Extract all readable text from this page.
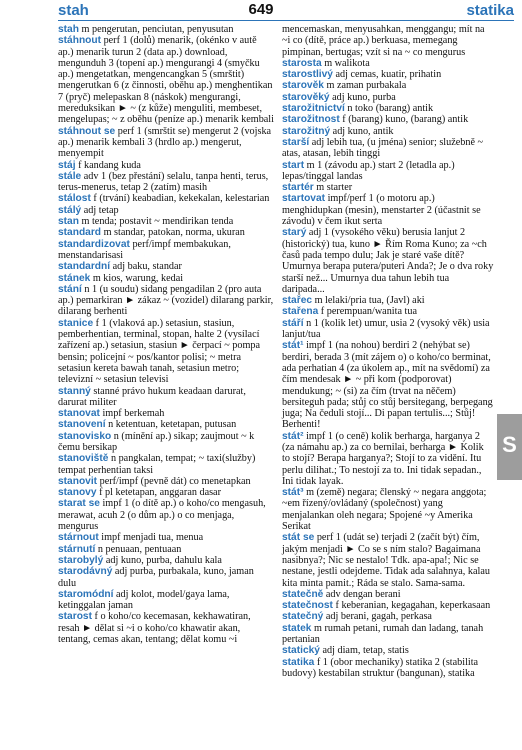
stah	649	statika

stah m pengerutan, penciutan, penyusutan

stáhnout perf 1 (dolů) menarik, (okénko v autě ap.) menarik turun 2 (data ap.) download, mengunduh 3 (topení ap.) mengurangi 4 (smyčku ap.) mengetatkan, mengencangkan 5 (smrštit) mengerutkan 6 (z činnosti, oběhu ap.) menghentikan 7 (pryč) melepaskan 8 (náskok) mengurangi, mereduksikan ► ~ (z kůže) menguliti, membeset, mengelupas; ~ z oběhu (peníze ap.) menarik kembali

stáhnout se perf 1 (smrštit se) mengerut 2 (vojska ap.) menarik kembali 3 (hrdlo ap.) mengerut, menyempit

stáj f kandang kuda

stále adv 1 (bez přestání) selalu, tanpa henti, terus, terus-menerus, tetap 2 (zatím) masih

stálost f (trvání) keabadian, kekekalan, kelestarian

stálý adj tetap

stan m tenda; postavit ~ mendirikan tenda

standard m standar, patokan, norma, ukuran

standardizovat perf/impf membakukan, menstandarisasi

standardní adj baku, standar

stánek m kios, warung, kedai

stání n 1 (u soudu) sidang pengadilan 2 (pro auta ap.) pemarkiran ► zákaz ~ (vozidel) dilarang parkir, dilarang berhenti

stanice f 1 (vlaková ap.) setasiun, stasiun, pemberhentian, terminal, stopan, halte 2 (vysílací zařízení ap.) setasiun, stasiun ► čerpací ~ pompa bensin; policejní ~ pos/kantor polisi; ~ metra setasiun kereta bawah tanah, setasiun metro; televizní ~ setasiun televisi

stanný stanné právo hukum keadaan darurat, darurat militer

stanovat impf berkemah

stanovení n ketentuan, ketetapan, putusan

stanovisko n (mínění ap.) sikap; zaujmout ~ k čemu bersikap

stanoviště n pangkalan, tempat; ~ taxi(služby) tempat perhentian taksi

stanovit perf/impf (pevně dát) co menetapkan

stanovy f pl ketetapan, anggaran dasar

starat se impf 1 (o dítě ap.) o koho/co mengasuh, merawat, acuh 2 (o dům ap.) o co menjaga, mengurus

stárnout impf menjadi tua, menua

stárnutí n penuaan, pentuaan

starobylý adj kuno, purba, dahulu kala

starodávný adj purba, purbakala, kuno, jaman dulu

staromódní adj kolot, model/gaya lama, ketinggalan jaman

starost f o koho/co kecemasan, kekhawatiran, resah ► dělat si ~i o koho/co khawatir akan, tentang, cemas akan, tentang; dělat komu ~i

mencemaskan, menyusahkan, menggangu; mít na ~i co (dítě, práce ap.) berkuasa, memegang pimpinan, bertugas; vzít si na ~ co mengurus

starosta m walikota

starostlivý adj cemas, kuatir, prihatin

starověk m zaman purbakala

starověký adj kuno, purba

starožitnictví n toko (barang) antik

starožitnost f (barang) kuno, (barang) antik

starožitný adj kuno, antik

starší adj lebih tua, (u jména) senior; služebně ~ atas, atasan, lebih tinggi

start m 1 (závodu ap.) start 2 (letadla ap.) lepas/tinggal landas

startér m starter

startovat impf/perf 1 (o motoru ap.) menghidupkan (mesin), menstarter 2 (účastnit se závodu) v čem ikut serta

starý adj 1 (vysokého věku) berusia lanjut 2 (historický) tua, kuno ► Řím Roma Kuno; za ~ch časů pada tempo dulu; Jak je staré vaše dítě? Umurnya berapa putera/puteri Anda?; Je o dva roky starší než... Umurnya dua tahun lebih tua daripada...

stařec m lelaki/pria tua, (Javl) aki

stařena f perempuan/wanita tua

stáří n 1 (kolik let) umur, usia 2 (vysoký věk) usia lanjut/tua

stát¹ impf 1 (na nohou) berdiri 2 (nehýbat se) berdiri, berada 3 (mít zájem o) o koho/co berminat, ada perhatian 4 (za úkolem ap., mít na svědomí) za čím mendesak ► ~ při kom (podporovat) mendukung; ~ (si) za čím (trvat na něčem) bersiteguh pada; stůj co stůj bersitegang, berpegang juga; Na čeduli stojí... Di papan tertulis...; Stůj! Berhenti!

stát² impf 1 (o ceně) kolik berharga, harganya 2 (za námahu ap.) za co bernilai, berharga ► Kolik to stojí? Berapa harganya?; Stojí to za vidění. Itu perlu dilihat.; To nestojí za to. Ini tidak sepadan., Ini tidak layak.

stát³ m (země) negara; členský ~ negara anggota; ~em řízený/ovládaný (společnost) yang menjalankan oleh negara; Spojené ~y Amerika Serikat

stát se perf 1 (udát se) terjadi 2 (začít být) čím, jakým menjadi ► Co se s ním stalo? Bagaimana nasibnya?; Nic se nestalo! Tdk. apa-apa!; Nic se nestane, jestli odejdeme. Tidak ada salahnya, kalau kita minta pamit.; Ráda se stalo. Sama-sama.

statečně adv dengan berani

statečnost f keberanian, kegagahan, keperkasaan

statečný adj berani, gagah, perkasa

statek m rumah petani, rumah dan ladang, tanah pertanian

statický adj diam, tetap, statis

statika f 1 (obor mechaniky) statika 2 (stabilita budovy) kestabilan struktur (bangunan), statika

S
